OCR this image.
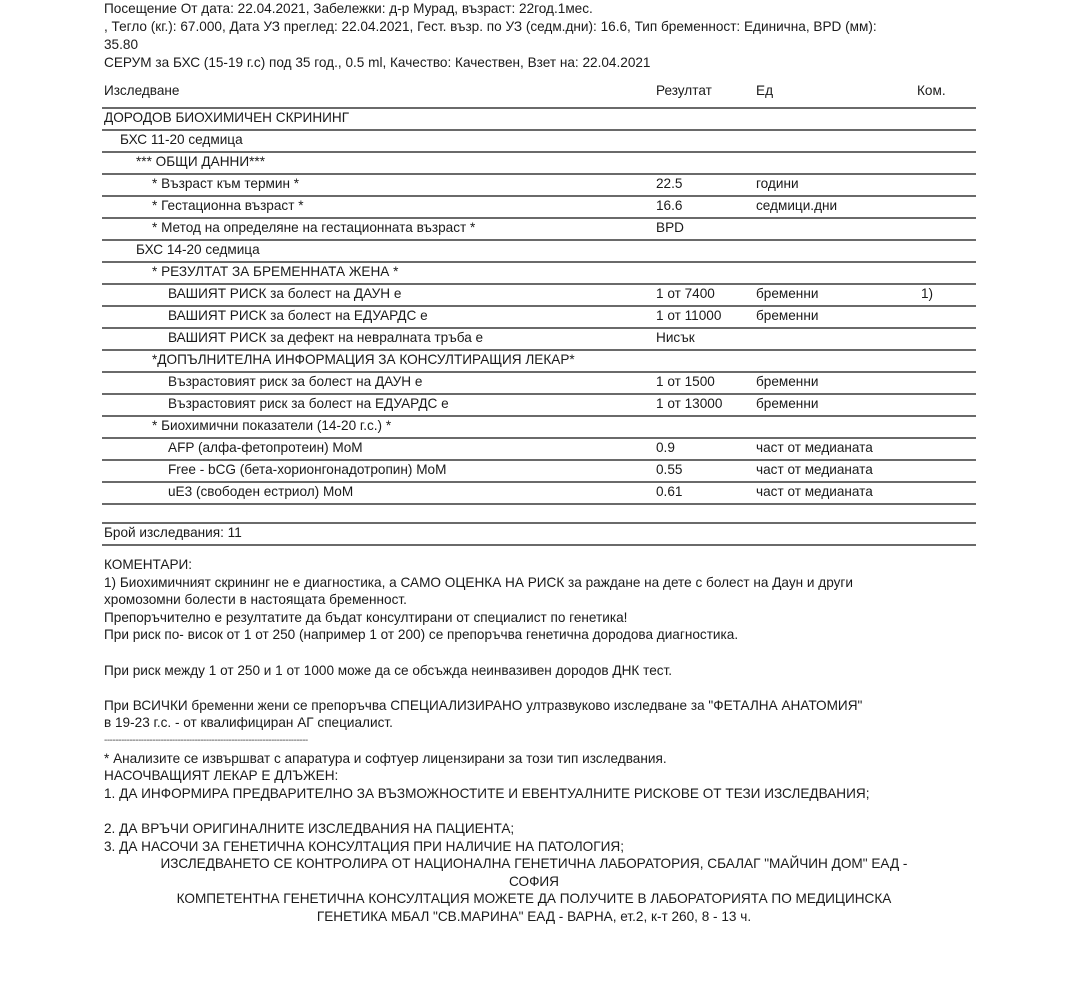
Посещение От дата: 22.04.2021, Забележки: д-р Мурад, възраст: 22год.1мес.
, Тегло (кг.): 67.000, Дата УЗ преглед: 22.04.2021, Гест. възр. по УЗ (седм.дни): 16.6, Тип бременност: Единична, BPD (мм):
35.80
СЕРУМ за БХС (15-19 г.с) под 35 год., 0.5 ml, Качество: Качествен, Взет на: 22.04.2021
Изследване	Резултат	Ед	Ком.
ДОРОДОВ БИОХИМИЧЕН СКРИНИНГ
БХС 11-20 седмица
*** ОБЩИ ДАННИ***
* Възраст към термин *	22.5	години
* Гестационна възраст *	16.6	седмици.дни
* Метод на определяне на гестационната възраст *	BPD
БХС 14-20 седмица
* РЕЗУЛТАТ ЗА БРЕМЕННАТА ЖЕНА *
ВАШИЯТ РИСК за болест на ДАУН е	1 от 7400	бременни	1)
ВАШИЯТ РИСК за болест на ЕДУАРДС е	1 от 11000	бременни
ВАШИЯТ РИСК за дефект на невралната тръба е	Нисък
*ДОПЪЛНИТЕЛНА ИНФОРМАЦИЯ ЗА КОНСУЛТИРАЩИЯ ЛЕКАР*
Възрастовият риск за болест на ДАУН е	1 от 1500	бременни
Възрастовият риск за болест на ЕДУАРДС е	1 от 13000 бременни
* Биохимични показатели (14-20 г.с.) *
AFP (алфа-фетопротеин) MoM	0.9	част от медианата
Free - bCG (бета-хорионгонадотропин) MoM	0.55	част от медианата
uE3 (свободен естриол) MoM	0.61	част от медианата
Брой изследвания: 11
КОМЕНТАРИ:
1) Биохимичният скрининг не е диагностика, а САМО ОЦЕНКА НА РИСК за раждане на дете с болест на Даун и други
хромозомни болести в настоящата бременност.
Препоръчително е резултатите да бъдат консултирани от специалист по генетика!
При риск по- висок от 1 от 250 (например 1 от 200) се препоръчва генетична дородова диагностика.
При риск между 1 от 250 и 1 от 1000 може да се обсъжда неинвазивен дородов ДНК тест.
При ВСИЧКИ бременни жени се препоръчва СПЕЦИАЛИЗИРАНО ултразвуково изследване за "ФЕТАЛНА АНАТОМИЯ"
в 19-23 г.с. - от квалифициран АГ специалист.
------------------------------------------------------------------------
* Анализите се извършват с апаратура и софтуер лицензирани за този тип изследвания.
НАСОЧВАЩИЯТ ЛЕКАР Е ДЛЪЖЕН:
1. ДА ИНФОРМИРА ПРЕДВАРИТЕЛНО ЗА ВЪЗМОЖНОСТИТЕ И ЕВЕНТУАЛНИТЕ РИСКОВЕ ОТ ТЕЗИ ИЗСЛЕДВАНИЯ;
2. ДА ВРЪЧИ ОРИГИНАЛНИТЕ ИЗСЛЕДВАНИЯ НА ПАЦИЕНТА;
3. ДА НАСОЧИ ЗА ГЕНЕТИЧНА КОНСУЛТАЦИЯ ПРИ НАЛИЧИЕ НА ПАТОЛОГИЯ;
ИЗСЛЕДВАНЕТО СЕ КОНТРОЛИРА ОТ НАЦИОНАЛНА ГЕНЕТИЧНА ЛАБОРАТОРИЯ, СБАЛАГ "МАЙЧИН ДОМ" ЕАД -
СОФИЯ
КОМПЕТЕНТНА ГЕНЕТИЧНА КОНСУЛТАЦИЯ МОЖЕТЕ ДА ПОЛУЧИТЕ В ЛАБОРАТОРИЯТА ПО МЕДИЦИНСКА
ГЕНЕТИКА МБАЛ "СВ.МАРИНА" ЕАД - ВАРНА, ет.2, к-т 260, 8 - 13 ч.
